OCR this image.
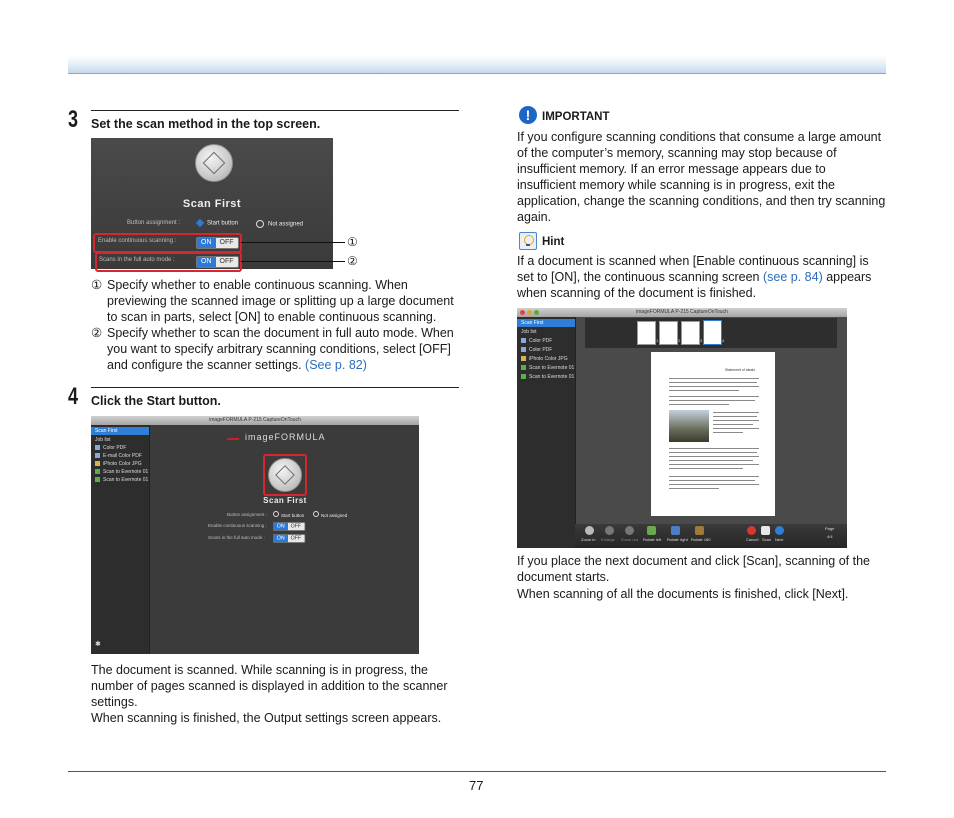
3 Set the scan method in the top screen.
Scan First
Button assignment :	Start button	Not assigned
Enable continuous scanning :	ON	OFF
Scans in the full auto mode :	ON	OFF
①
②
① Specify whether to enable continuous scanning. When previewing the scanned image or splitting up a large document to scan in parts, select [ON] to enable continuous scanning.
② Specify whether to scan the document in full auto mode. When you want to specify arbitrary scanning conditions, select [OFF] and configure the scanner settings. (See p. 82)
4 Click the Start button.
imageFORMULA P-215 CaptureOnTouch
Scan First
Job list
Color PDF
E-mail Color PDF
iPhoto Color JPG
Scan to Evernote 01
Scan to Evernote 01
✱
imageFORMULA
Scan First
Button assignment :	Start button	Not assigned
Enable continuous scanning :	ON OFF
Scans in the full auto mode :	ON OFF
The document is scanned. While scanning is in progress, the number of pages scanned is displayed in addition to the scanner settings.
When scanning is finished, the Output settings screen appears.
!	IMPORTANT
If you configure scanning conditions that consume a large amount of the computer’s memory, scanning may stop because of insufficient memory. If an error message appears due to insufficient memory while scanning is in progress, exit the application, change the scanning conditions, and then try scanning again.
Hint
If a document is scanned when [Enable continuous scanning] is set to [ON], the continuous scanning screen (see p. 84) appears when scanning of the document is finished.
imageFORMULA P-215 CaptureOnTouch
Scan First
Job list
Color PDF
Color PDF
iPhoto Color JPG
Scan to Evernote 01
Scan to Evernote 01
1	2	3	4
Statement of ideals
Zoom in Enlarge Zoom out Rotate left Rotate right Rotate 180	Cancel Scan Next
Page
4/4
If you place the next document and click [Scan], scanning of the document starts.
When scanning of all the documents is finished, click [Next].
77
